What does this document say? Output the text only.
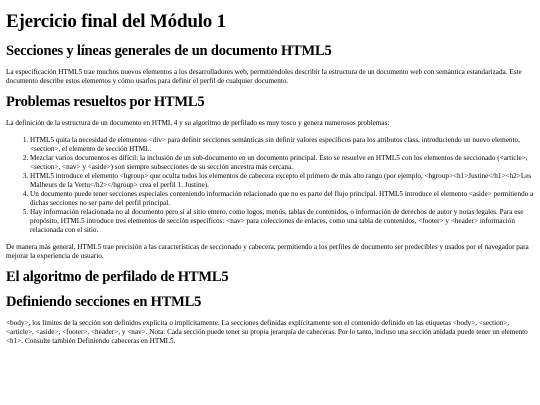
Ejercicio final del Módulo 1
Secciones y líneas generales de un documento HTML5

La especificación HTML5 trae muchos nuevos elementos a los desarrolladores web, permitiéndoles describir la estructura de un documento web con semántica estandarizada. Este documento describe estos elementos y cómo usarlos para definir el perfil de cualquier documento.

Problemas resueltos por HTML5

La definición de la estructura de un documento en HTML 4 y su algoritmo de perfilado es muy tosco y genera numerosos problemas:

1. HTML5 quita la necesidad de elementos <div> para definir secciones semánticas sin definir valores específicos para los atributos class, introduciendo un nuevo elemento, <section>, el elemento de sección HTML.
2. Mezclar varios documentos es difícil: la inclusión de un sub-documento en un documento principal. Esto se resuelve en HTML5 con los elementos de seccionado (<article>, <section>, <nav> y <aside>) son siempre subsecciones de su sección ancestra más cercana.
3. HTML5 introduce el elemento <hgroup> que oculta todos los elementos de cabecera excepto el primero de más alto rango (por ejemplo, <hgroup><h1>Justine</h1><h2>Les Malheurs de la Vertu</h2></hgroup> crea el perfil 1. Justine).
4. Un documento puede tener secciones especiales conteniendo información relacionado que no es parte del flujo principal. HTML5 introduce el elemento <aside> permitiendo a dichas secciones no ser parte del perfil principal.
5. Hay información relacionada no al documento pero sí al sitio entero, como logos, menús, tablas de contenidos, o información de derechos de autor y notas legales. Para ese propósito, HTML5 introduce tres elementos de sección específicos: <nav> para colecciones de enlaces, como una tabla de contenidos, <footer> y <header> información relacionada con el sitio.

De manera más general, HTML5 trae precisión a las características de seccionado y cabecera, permitiendo a los perfiles de documento ser predecibles y usados por el navegador para mejorar la experiencia de usuario.

El algoritmo de perfilado de HTML5
Definiendo secciones en HTML5

<body>, los límites de la sección son definidos explícita o implícitamente. La secciones definidas explícitamente son el contenido definido en las etiquetas <body>, <section>, <article>, <aside>, <footer>, <header>, y <nav>. Nota: Cada sección puede tener su propia jerarquía de cabeceras. Por lo tanto, incluso una sección anidada puede tener un elemento <h1>. Consulte también Definiendo cabeceras en HTML5.
